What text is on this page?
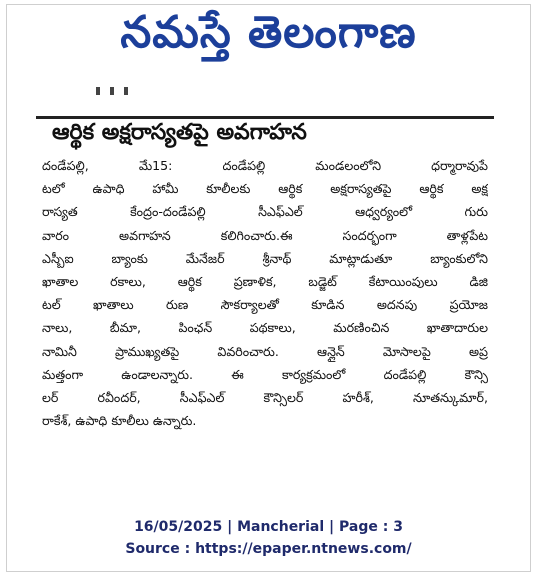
నమస్తే తెలంగాణ
ఆర్థిక అక్షరాస్యతపై అవగాహన
దండేపల్లి, మే15: దండేపల్లి మండలంలోని ధర్మారావుపే
టలో ఉపాధి హామీ కూలీలకు ఆర్థిక అక్షరాస్యతపై ఆర్థిక అక్ష
రాస్యత కేంద్రం-దండేపల్లి సీఎఫ్ఎల్ ఆధ్వర్యంలో గురు
వారం అవగాహన కలిగించారు.ఈ సందర్భంగా తాళ్లపేట
ఎస్బీఐ బ్యాంకు మేనేజర్ శ్రీనాథ్ మాట్లాడుతూ బ్యాంకులోని
ఖాతాల రకాలు, ఆర్థిక ప్రణాళిక, బడ్జెట్ కేటాయింపులు డిజి
టల్ ఖాతాలు రుణ సౌకర్యాలతో కూడిన అదనపు ప్రయోజ
నాలు, బీమా, పింఛన్ పథకాలు, మరణించిన ఖాతాదారుల
నామినీ ప్రాముఖ్యతపై వివరించారు. ఆన్లైన్ మోసాలపై అప్ర
మత్తంగా ఉండాలన్నారు. ఈ కార్యక్రమంలో దండేపల్లి కౌన్సి
లర్ రవీందర్, సీఎఫ్ఎల్ కౌన్సిలర్ హరీశ్, నూతన్కుమార్,
రాకేశ్, ఉపాధి కూలీలు ఉన్నారు.
16/05/2025 | Mancherial | Page : 3
Source : https://epaper.ntnews.com/
